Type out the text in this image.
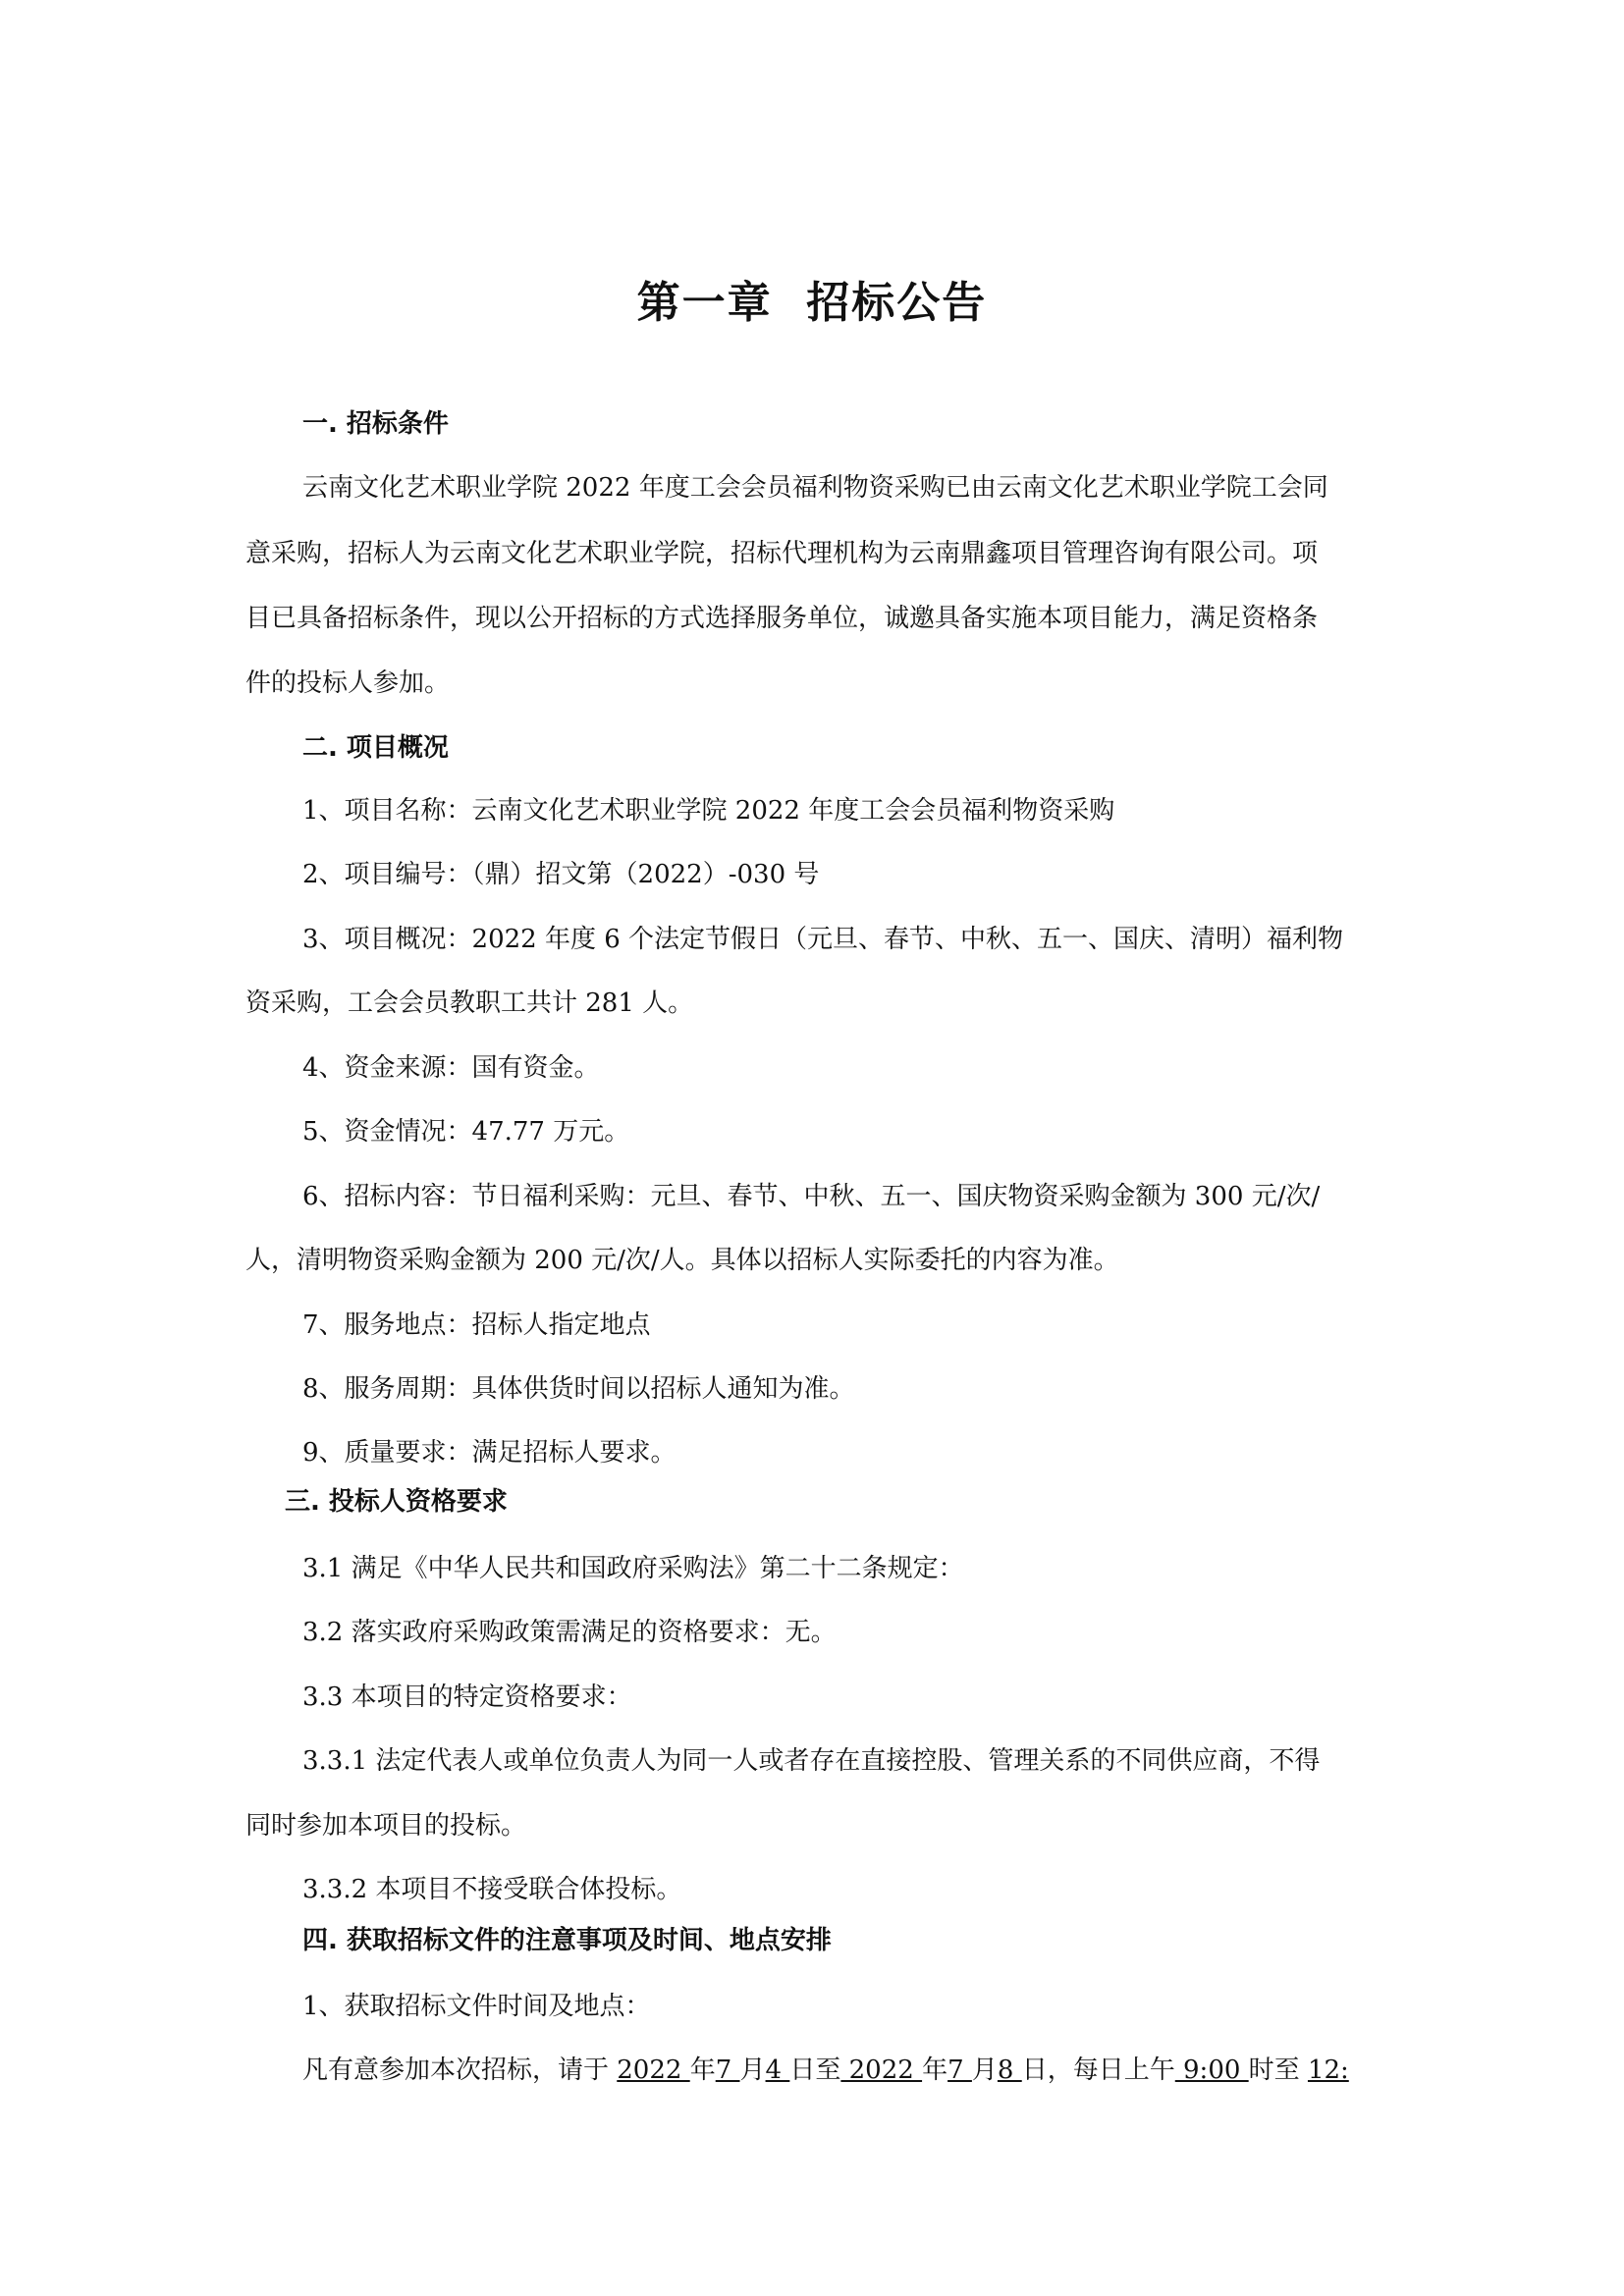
第一章  招标公告
一. 招标条件
云南文化艺术职业学院 2022 年度工会会员福利物资采购已由云南文化艺术职业学院工会同
意采购，招标人为云南文化艺术职业学院，招标代理机构为云南鼎鑫项目管理咨询有限公司。项
目已具备招标条件，现以公开招标的方式选择服务单位，诚邀具备实施本项目能力，满足资格条
件的投标人参加。
二. 项目概况
1、项目名称：云南文化艺术职业学院 2022 年度工会会员福利物资采购
2、项目编号：（鼎）招文第（2022）-030 号
3、项目概况：2022 年度 6 个法定节假日（元旦、春节、中秋、五一、国庆、清明）福利物
资采购，工会会员教职工共计 281 人。
4、资金来源：国有资金。
5、资金情况：47.77 万元。
6、招标内容：节日福利采购：元旦、春节、中秋、五一、国庆物资采购金额为 300 元/次/
人，清明物资采购金额为 200 元/次/人。具体以招标人实际委托的内容为准。
7、服务地点：招标人指定地点
8、服务周期：具体供货时间以招标人通知为准。
9、质量要求：满足招标人要求。
三. 投标人资格要求
3.1 满足《中华人民共和国政府采购法》第二十二条规定：
3.2 落实政府采购政策需满足的资格要求：无。
3.3 本项目的特定资格要求：
3.3.1 法定代表人或单位负责人为同一人或者存在直接控股、管理关系的不同供应商，不得
同时参加本项目的投标。
3.3.2 本项目不接受联合体投标。
四. 获取招标文件的注意事项及时间、地点安排
1、获取招标文件时间及地点：
凡有意参加本次招标，请于 2022 年7 月4 日至 2022 年7 月8 日，每日上午 9:00 时至 12:
